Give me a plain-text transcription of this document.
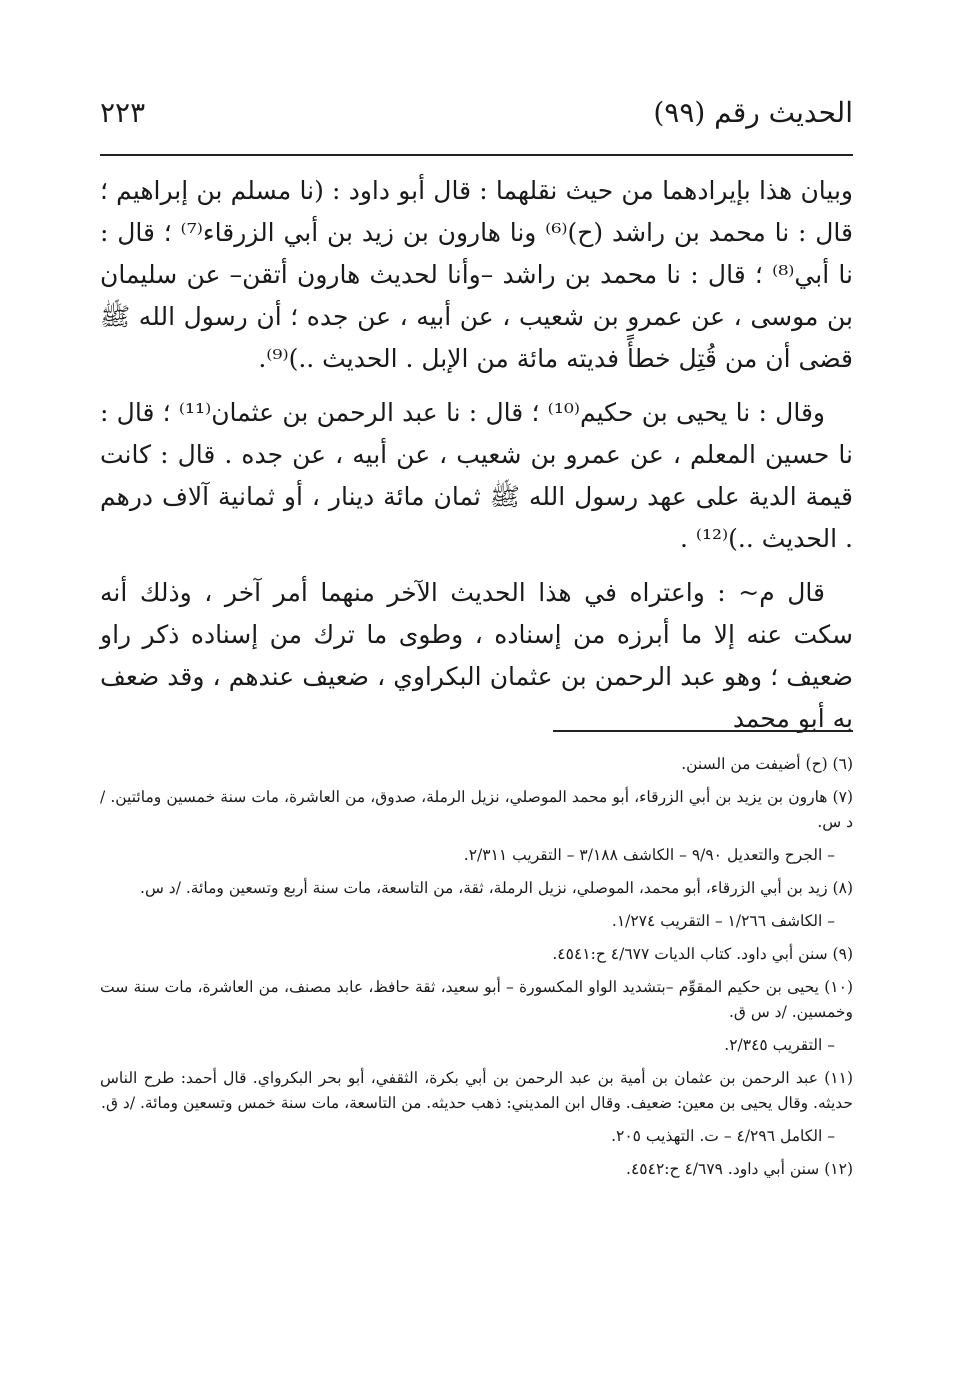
الحديث رقم (٩٩)
٢٢٣

وبيان هذا بإيرادهما من حيث نقلهما : قال أبو داود : (نا مسلم بن إبراهيم ؛ قال : نا محمد بن راشد (ح)⁽⁶⁾ ونا هارون بن زيد بن أبي الزرقاء⁽⁷⁾ ؛ قال : نا أبي⁽⁸⁾ ؛ قال : نا محمد بن راشد –وأنا لحديث هارون أتقن– عن سليمان بن موسى ، عن عمرو بن شعيب ، عن أبيه ، عن جده ؛ أن رسول الله ﷺ قضى أن من قُتِل خطأً فديته مائة من الإبل . الحديث ..)⁽⁹⁾.

وقال : نا يحيى بن حكيم⁽¹⁰⁾ ؛ قال : نا عبد الرحمن بن عثمان⁽¹¹⁾ ؛ قال : نا حسين المعلم ، عن عمرو بن شعيب ، عن أبيه ، عن جده . قال : كانت قيمة الدية على عهد رسول الله ﷺ ثمان مائة دينار ، أو ثمانية آلاف درهم . الحديث ..)⁽¹²⁾ .

قال م~ : واعتراه في هذا الحديث الآخر منهما أمر آخر ، وذلك أنه سكت عنه إلا ما أبرزه من إسناده ، وطوى ما ترك من إسناده ذكر راو ضعيف ؛ وهو عبد الرحمن بن عثمان البكراوي ، ضعيف عندهم ، وقد ضعف به أبو محمد

(٦) (ح) أضيفت من السنن.

(٧) هارون بن يزيد بن أبي الزرقاء، أبو محمد الموصلي، نزيل الرملة، صدوق، من العاشرة، مات سنة خمسين ومائتين. /د س.

– الجرح والتعديل ٩/٩٠ – الكاشف ٣/١٨٨ – التقريب ٢/٣١١.

(٨) زيد بن أبي الزرقاء، أبو محمد، الموصلي، نزيل الرملة، ثقة، من التاسعة، مات سنة أربع وتسعين ومائة. /د س.

– الكاشف ١/٢٦٦ – التقريب ١/٢٧٤.

(٩) سنن أبي داود. كتاب الديات ٤/٦٧٧ ح:٤٥٤١.

(١٠) يحيى بن حكيم المقوِّم –بتشديد الواو المكسورة – أبو سعيد، ثقة حافظ، عابد مصنف، من العاشرة، مات سنة ست وخمسين. /د س ق.

– التقريب ٢/٣٤٥.

(١١) عبد الرحمن بن عثمان بن أمية بن عبد الرحمن بن أبي بكرة، الثقفي، أبو بحر البكرواي. قال أحمد: طرح الناس حديثه. وقال يحيى بن معين: ضعيف. وقال ابن المديني: ذهب حديثه. من التاسعة، مات سنة خمس وتسعين ومائة. /د ق.

– الكامل ٤/٢٩٦ – ت. التهذيب ٢٠٥.

(١٢) سنن أبي داود. ٤/٦٧٩ ح:٤٥٤٢.
